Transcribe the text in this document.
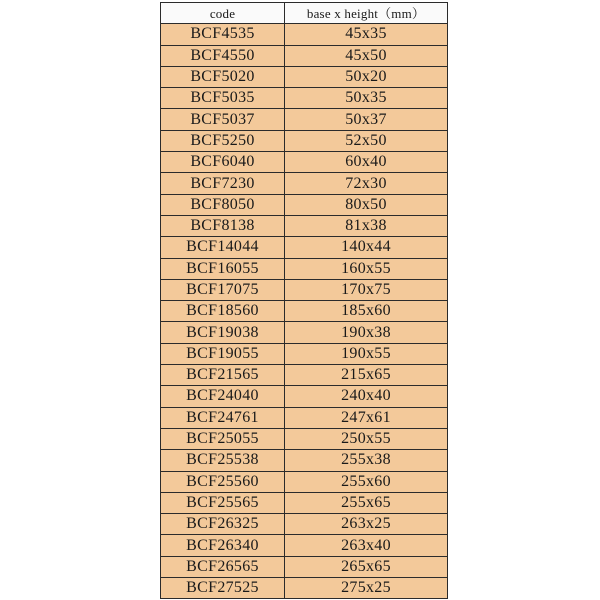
code	base x height（mm）
BCF4535	45x35
BCF4550	45x50
BCF5020	50x20
BCF5035	50x35
BCF5037	50x37
BCF5250	52x50
BCF6040	60x40
BCF7230	72x30
BCF8050	80x50
BCF8138	81x38
BCF14044	140x44
BCF16055	160x55
BCF17075	170x75
BCF18560	185x60
BCF19038	190x38
BCF19055	190x55
BCF21565	215x65
BCF24040	240x40
BCF24761	247x61
BCF25055	250x55
BCF25538	255x38
BCF25560	255x60
BCF25565	255x65
BCF26325	263x25
BCF26340	263x40
BCF26565	265x65
BCF27525	275x25
